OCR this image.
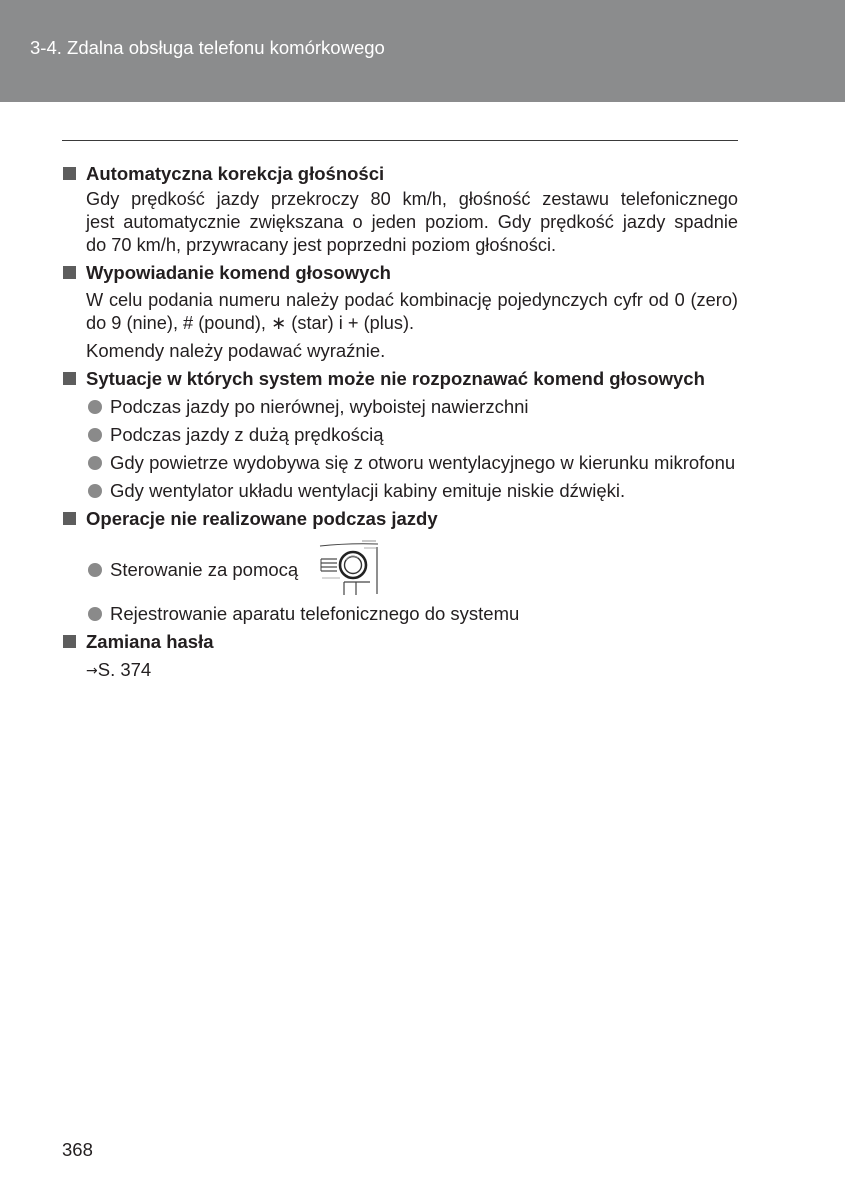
3-4. Zdalna obsługa telefonu komórkowego
Automatyczna korekcja głośności
Gdy prędkość jazdy przekroczy 80 km/h, głośność zestawu telefonicznego
jest automatycznie zwiększana o jeden poziom. Gdy prędkość jazdy spadnie
do 70 km/h, przywracany jest poprzedni poziom głośności.
Wypowiadanie komend głosowych
W celu podania numeru należy podać kombinację pojedynczych cyfr od 0 (zero)
do 9 (nine), # (pound), ∗ (star) i + (plus).
Komendy należy podawać wyraźnie.
Sytuacje w których system może nie rozpoznawać komend głosowych
Podczas jazdy po nierównej, wyboistej nawierzchni
Podczas jazdy z dużą prędkością
Gdy powietrze wydobywa się z otworu wentylacyjnego w kierunku mikrofonu
Gdy wentylator układu wentylacji kabiny emituje niskie dźwięki.
Operacje nie realizowane podczas jazdy
Sterowanie za pomocą
Rejestrowanie aparatu telefonicznego do systemu
Zamiana hasła
→S. 374
368
